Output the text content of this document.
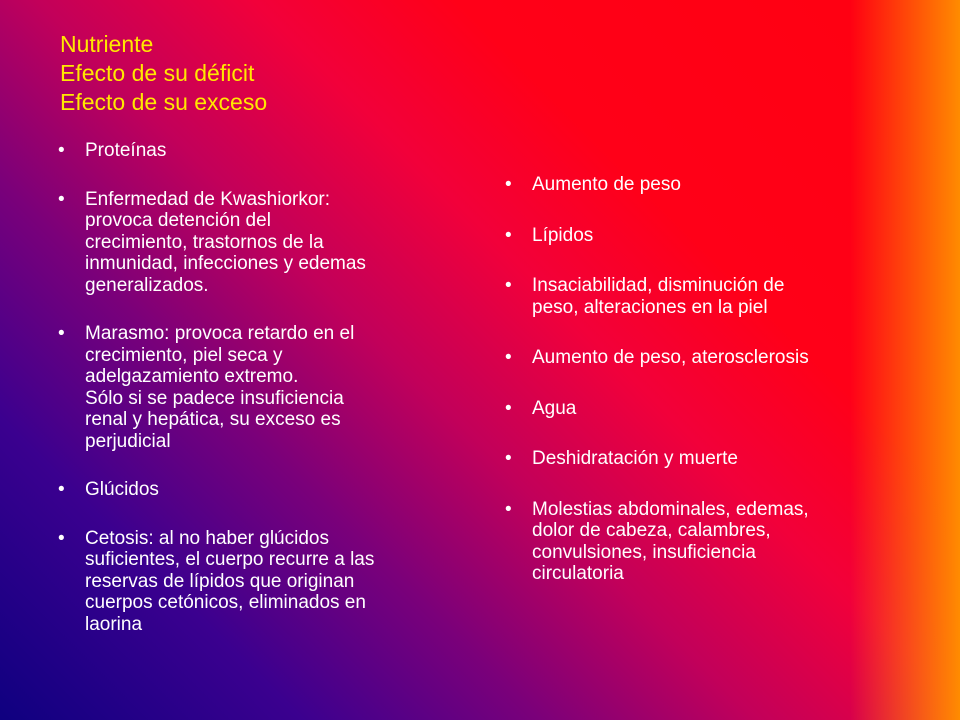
Nutriente
Efecto de su déficit
Efecto de su exceso
• Proteínas
• Enfermedad de Kwashiorkor:
provoca detención del
crecimiento, trastornos de la
inmunidad, infecciones y edemas
generalizados.
• Marasmo: provoca retardo en el
crecimiento, piel seca y
adelgazamiento extremo.
Sólo si se padece insuficiencia
renal y hepática, su exceso es
perjudicial
• Glúcidos
• Cetosis: al no haber glúcidos
suficientes, el cuerpo recurre a las
reservas de lípidos que originan
cuerpos cetónicos, eliminados en
laorina
• Aumento de peso
• Lípidos
• Insaciabilidad, disminución de
peso, alteraciones en la piel
• Aumento de peso, aterosclerosis
• Agua
• Deshidratación y muerte
• Molestias abdominales, edemas,
dolor de cabeza, calambres,
convulsiones, insuficiencia
circulatoria
